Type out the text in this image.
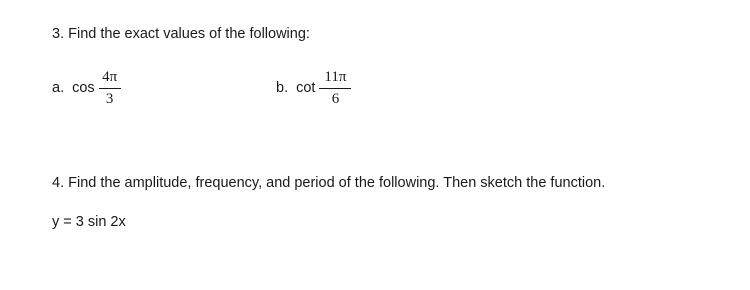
3. Find the exact values of the following:
a. $\cos \frac{4\pi}{3}$	b. $\cot \frac{11\pi}{6}$
4. Find the amplitude, frequency, and period of the following. Then sketch the function.
y = 3 sin 2x
